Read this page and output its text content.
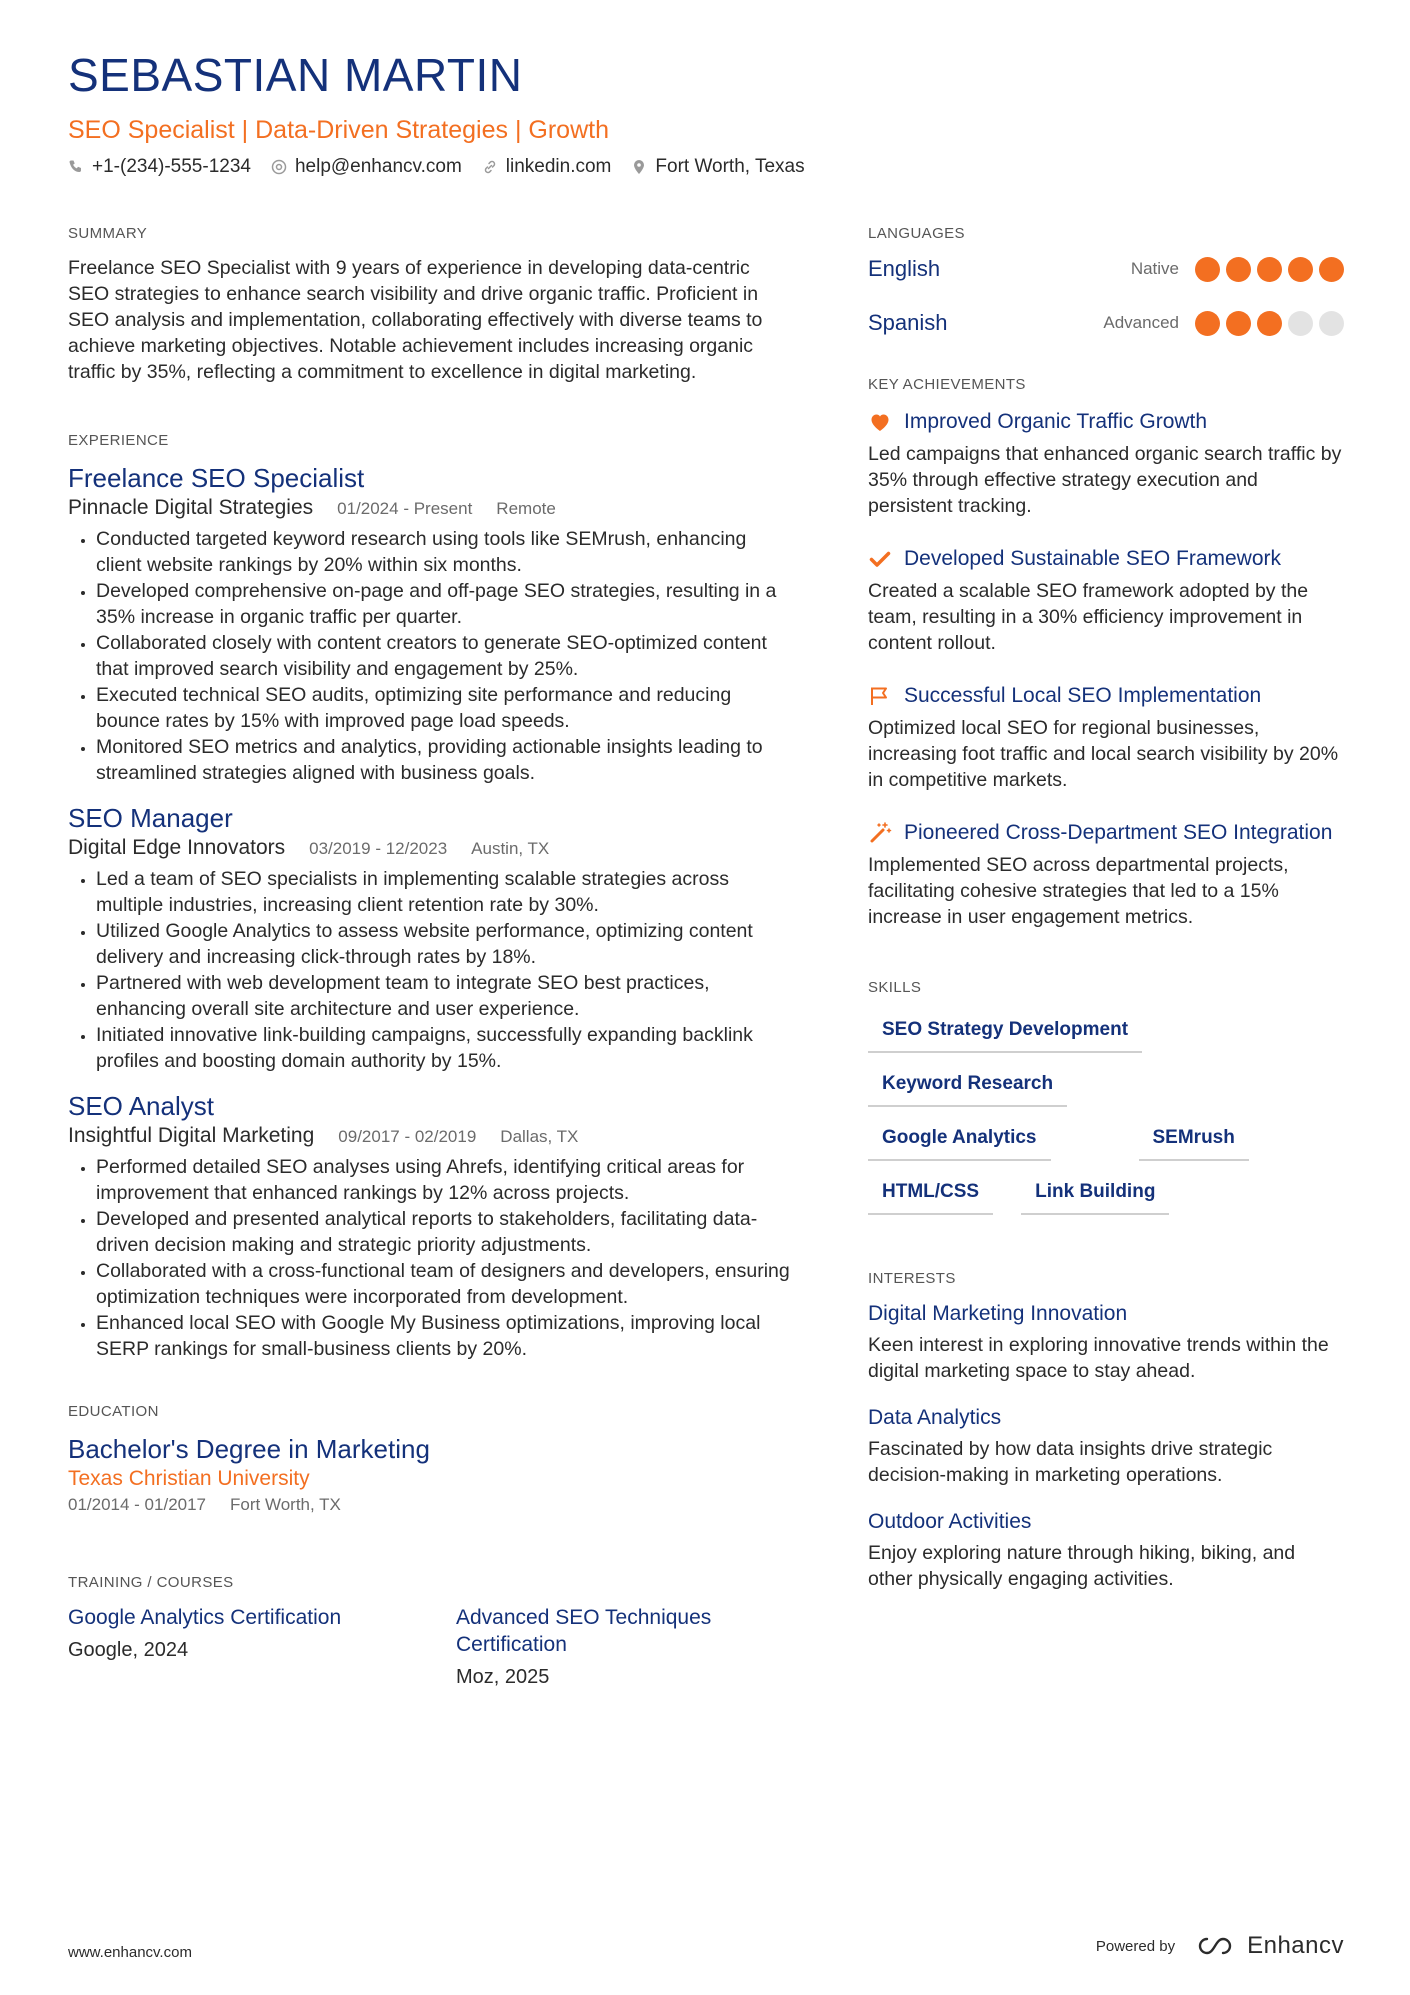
SEBASTIAN MARTIN
SEO Specialist | Data-Driven Strategies | Growth
+1-(234)-555-1234 help@enhancv.com linkedin.com Fort Worth, Texas
SUMMARY
Freelance SEO Specialist with 9 years of experience in developing data-centric SEO strategies to enhance search visibility and drive organic traffic. Proficient in SEO analysis and implementation, collaborating effectively with diverse teams to achieve marketing objectives. Notable achievement includes increasing organic traffic by 35%, reflecting a commitment to excellence in digital marketing.
EXPERIENCE
Freelance SEO Specialist
Pinnacle Digital Strategies 01/2024 - Present Remote
• Conducted targeted keyword research using tools like SEMrush, enhancing client website rankings by 20% within six months.
• Developed comprehensive on-page and off-page SEO strategies, resulting in a 35% increase in organic traffic per quarter.
• Collaborated closely with content creators to generate SEO-optimized content that improved search visibility and engagement by 25%.
• Executed technical SEO audits, optimizing site performance and reducing bounce rates by 15% with improved page load speeds.
• Monitored SEO metrics and analytics, providing actionable insights leading to streamlined strategies aligned with business goals.
SEO Manager
Digital Edge Innovators 03/2019 - 12/2023 Austin, TX
• Led a team of SEO specialists in implementing scalable strategies across multiple industries, increasing client retention rate by 30%.
• Utilized Google Analytics to assess website performance, optimizing content delivery and increasing click-through rates by 18%.
• Partnered with web development team to integrate SEO best practices, enhancing overall site architecture and user experience.
• Initiated innovative link-building campaigns, successfully expanding backlink profiles and boosting domain authority by 15%.
SEO Analyst
Insightful Digital Marketing 09/2017 - 02/2019 Dallas, TX
• Performed detailed SEO analyses using Ahrefs, identifying critical areas for improvement that enhanced rankings by 12% across projects.
• Developed and presented analytical reports to stakeholders, facilitating data-driven decision making and strategic priority adjustments.
• Collaborated with a cross-functional team of designers and developers, ensuring optimization techniques were incorporated from development.
• Enhanced local SEO with Google My Business optimizations, improving local SERP rankings for small-business clients by 20%.
EDUCATION
Bachelor's Degree in Marketing
Texas Christian University
01/2014 - 01/2017 Fort Worth, TX
TRAINING / COURSES
Google Analytics Certification
Google, 2024
Advanced SEO Techniques Certification
Moz, 2025
LANGUAGES
English	Native
Spanish	Advanced
KEY ACHIEVEMENTS
Improved Organic Traffic Growth
Led campaigns that enhanced organic search traffic by 35% through effective strategy execution and persistent tracking.
Developed Sustainable SEO Framework
Created a scalable SEO framework adopted by the team, resulting in a 30% efficiency improvement in content rollout.
Successful Local SEO Implementation
Optimized local SEO for regional businesses, increasing foot traffic and local search visibility by 20% in competitive markets.
Pioneered Cross-Department SEO Integration
Implemented SEO across departmental projects, facilitating cohesive strategies that led to a 15% increase in user engagement metrics.
SKILLS
SEO Strategy Development
Keyword Research
Google Analytics	SEMrush
HTML/CSS	Link Building
INTERESTS
Digital Marketing Innovation
Keen interest in exploring innovative trends within the digital marketing space to stay ahead.
Data Analytics
Fascinated by how data insights drive strategic decision-making in marketing operations.
Outdoor Activities
Enjoy exploring nature through hiking, biking, and other physically engaging activities.
www.enhancv.com	Powered by	Enhancv
